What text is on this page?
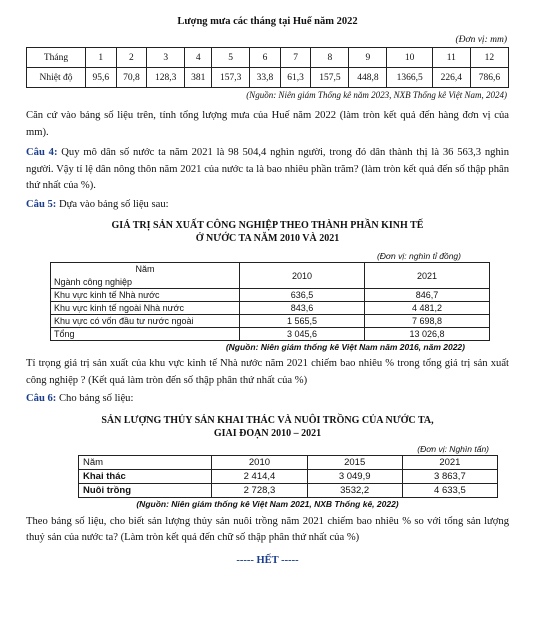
Lượng mưa các tháng tại Huế năm 2022
(Đơn vị: mm)
Tháng	1	2	3	4	5	6	7	8	9	10	11	12
Nhiệt độ	95,6	70,8	128,3	381	157,3	33,8	61,3	157,5	448,8	1366,5	226,4	786,6
(Nguồn: Niên giám Thống kê năm 2023, NXB Thống kê Việt Nam, 2024)

Căn cứ vào bảng số liệu trên, tính tổng lượng mưa của Huế năm 2022 (làm tròn kết quả đến hàng đơn vị của mm).

Câu 4: Quy mô dân số nước ta năm 2021 là 98 504,4 nghìn người, trong đó dân thành thị là 36 563,3 nghìn người. Vậy tỉ lệ dân nông thôn năm 2021 của nước ta là bao nhiêu phần trăm? (làm tròn kết quả đến số thập phân thứ nhất của %).

Câu 5: Dựa vào bảng số liệu sau:

GIÁ TRỊ SẢN XUẤT CÔNG NGHIỆP THEO THÀNH PHẦN KINH TẾ
Ở NƯỚC TA NĂM 2010 VÀ 2021
(Đơn vị: nghìn tỉ đồng)
Năm
Ngành công nghiệp	2010	2021
Khu vực kinh tế Nhà nước	636,5	846,7
Khu vực kinh tế ngoài Nhà nước	843,6	4 481,2
Khu vực có vốn đầu tư nước ngoài	1 565,5	7 698,8
Tổng	3 045,6	13 026,8
(Nguồn: Niên giám thống kê Việt Nam năm 2016, năm 2022)

Tỉ trọng giá trị sản xuất của khu vực kinh tế Nhà nước năm 2021 chiếm bao nhiêu % trong tổng giá trị sản xuất công nghiệp ? (Kết quả làm tròn đến số thập phân thứ nhất của %)

Câu 6: Cho bảng số liệu:

SẢN LƯỢNG THỦY SẢN KHAI THÁC VÀ NUÔI TRỒNG CỦA NƯỚC TA,
GIAI ĐOẠN 2010 – 2021
(Đơn vị: Nghìn tấn)
Năm	2010	2015	2021
Khai thác	2 414,4	3 049,9	3 863,7
Nuôi trồng	2 728,3	3532,2	4 633,5
(Nguồn: Niên giám thống kê Việt Nam 2021, NXB Thống kê, 2022)

Theo bảng số liệu, cho biết sản lượng thủy sản nuôi trồng năm 2021 chiếm bao nhiêu % so với tổng sản lượng thuỷ sản của nước ta? (Làm tròn kết quả đến chữ số thập phân thứ nhất của %)

----- HẾT -----
